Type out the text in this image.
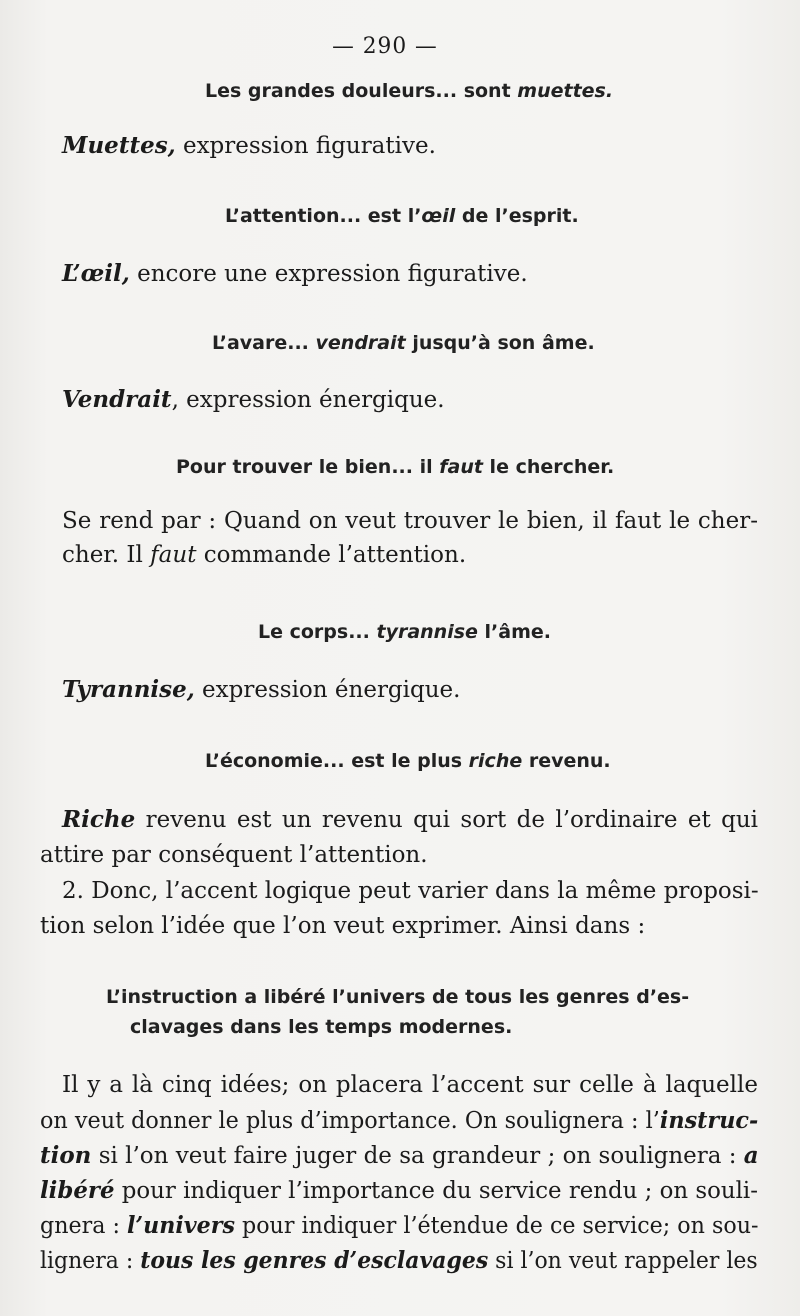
— 290 —
Les grandes douleurs... sont muettes.
Muettes, expression figurative.
L’attention... est l’œil de l’esprit.
L’œil, encore une expression figurative.
L’avare... vendrait jusqu’à son âme.
Vendrait, expression énergique.
Pour trouver le bien... il faut le chercher.
Se rend par : Quand on veut trouver le bien, il faut le cher-
cher. Il faut commande l’attention.
Le corps... tyrannise l’âme.
Tyrannise, expression énergique.
L’économie... est le plus riche revenu.
Riche revenu est un revenu qui sort de l’ordinaire et qui
attire par conséquent l’attention.
2. Donc, l’accent logique peut varier dans la même proposi-
tion selon l’idée que l’on veut exprimer. Ainsi dans :
L’instruction a libéré l’univers de tous les genres d’es-
clavages dans les temps modernes.
Il y a là cinq idées; on placera l’accent sur celle à laquelle
on veut donner le plus d’importance. On soulignera : l’instruc-
tion si l’on veut faire juger de sa grandeur ; on soulignera : a
libéré pour indiquer l’importance du service rendu ; on souli-
gnera : l’univers pour indiquer l’étendue de ce service; on sou-
lignera : tous les genres d’esclavages si l’on veut rappeler les
